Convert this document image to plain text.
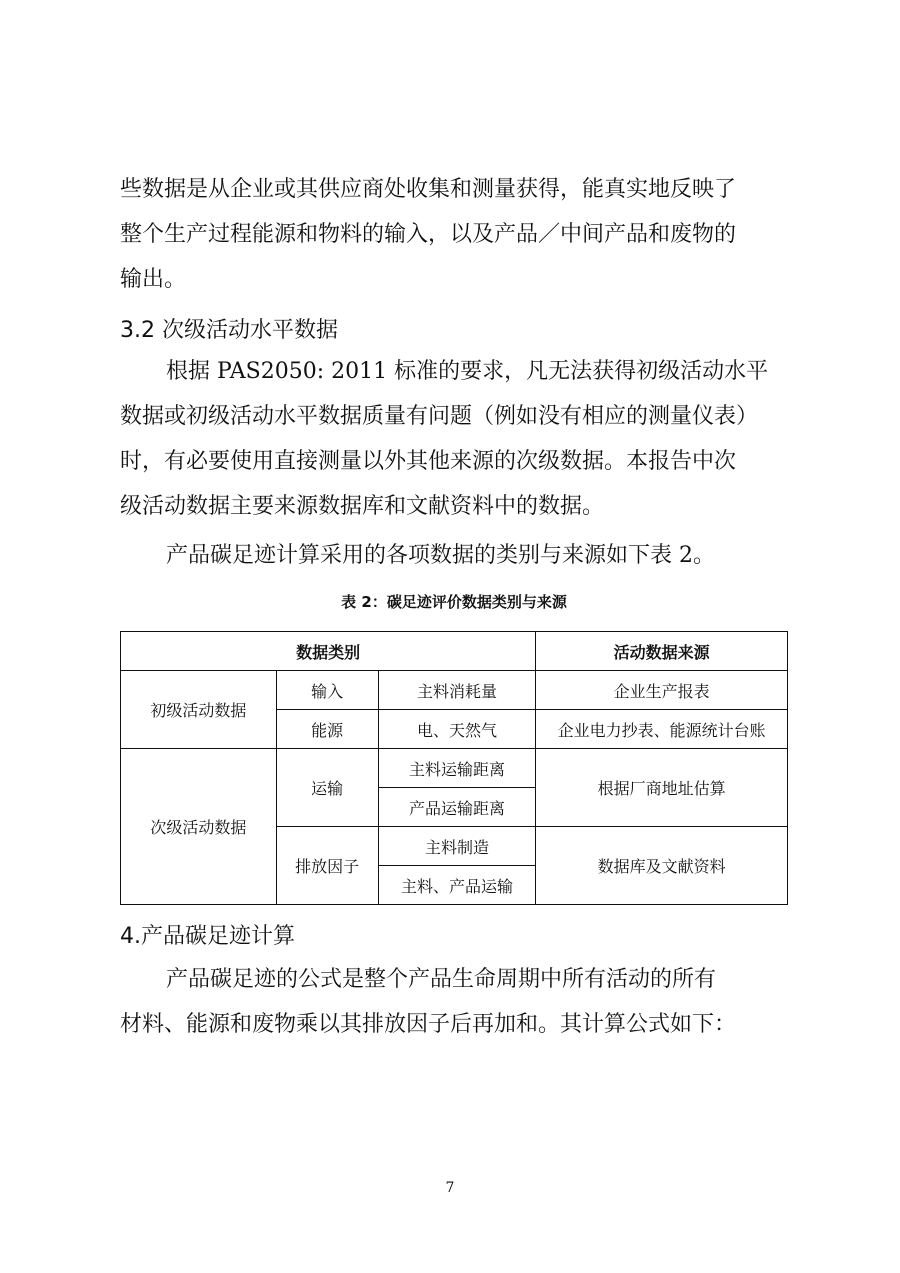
些数据是从企业或其供应商处收集和测量获得，能真实地反映了
整个生产过程能源和物料的输入，以及产品／中间产品和废物的
输出。
3.2 次级活动水平数据
根据 PAS2050: 2011 标准的要求，凡无法获得初级活动水平
数据或初级活动水平数据质量有问题（例如没有相应的测量仪表）
时，有必要使用直接测量以外其他来源的次级数据。本报告中次
级活动数据主要来源数据库和文献资料中的数据。
产品碳足迹计算采用的各项数据的类别与来源如下表 2。
表 2：碳足迹评价数据类别与来源
数据类别			活动数据来源
初级活动数据	输入	主料消耗量	企业生产报表
	能源	电、天然气	企业电力抄表、能源统计台账
次级活动数据	运输	主料运输距离	根据厂商地址估算
		产品运输距离	
	排放因子	主料制造	数据库及文献资料
		主料、产品运输	
4.产品碳足迹计算
产品碳足迹的公式是整个产品生命周期中所有活动的所有
材料、能源和废物乘以其排放因子后再加和。其计算公式如下：
7
